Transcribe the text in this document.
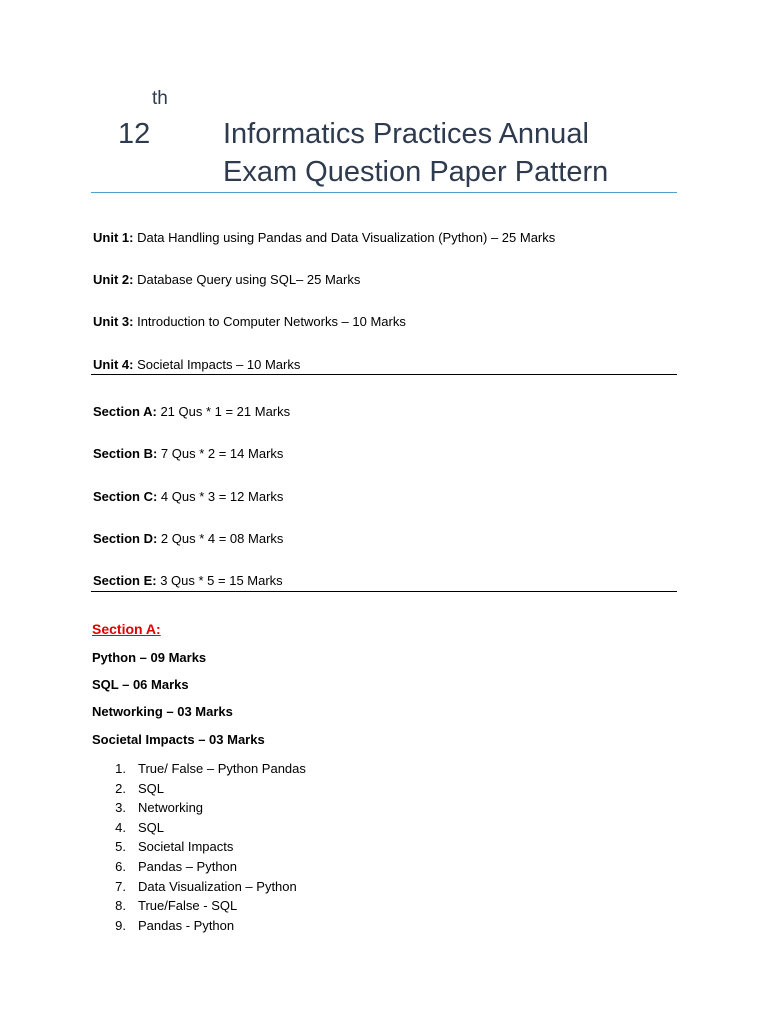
th
12	Informatics Practices Annual
Exam Question Paper Pattern
Unit 1: Data Handling using Pandas and Data Visualization (Python) – 25 Marks
Unit 2: Database Query using SQL– 25 Marks
Unit 3: Introduction to Computer Networks – 10 Marks
Unit 4: Societal Impacts – 10 Marks
Section A: 21 Qus * 1 = 21 Marks
Section B: 7 Qus * 2 = 14 Marks
Section C: 4 Qus * 3 = 12 Marks
Section D: 2 Qus * 4 = 08 Marks
Section E: 3 Qus * 5 = 15 Marks
Section A:
Python – 09 Marks
SQL – 06 Marks
Networking – 03 Marks
Societal Impacts – 03 Marks
1. True/ False – Python Pandas
2. SQL
3. Networking
4. SQL
5. Societal Impacts
6. Pandas – Python
7. Data Visualization – Python
8. True/False - SQL
9. Pandas - Python
